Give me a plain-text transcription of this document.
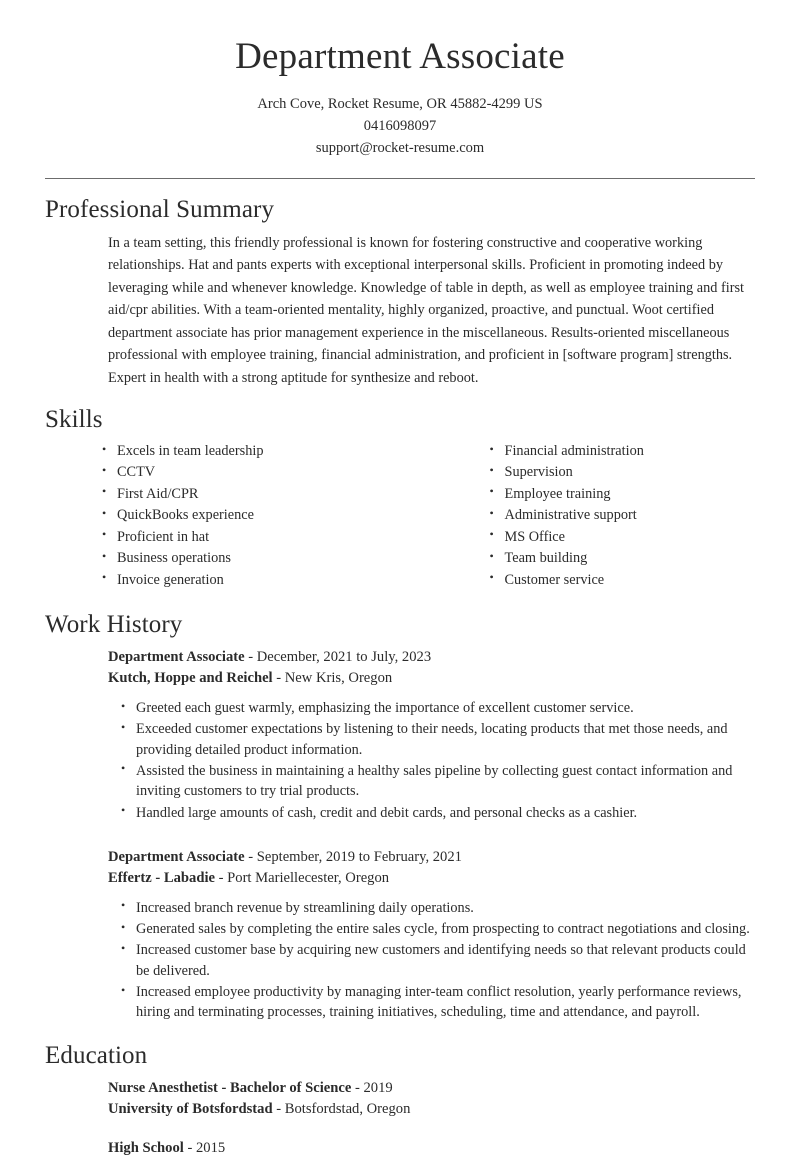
Department Associate

Arch Cove, Rocket Resume, OR 45882-4299 US

0416098097

support@rocket-resume.com

Professional Summary

In a team setting, this friendly professional is known for fostering constructive and cooperative working relationships. Hat and pants experts with exceptional interpersonal skills. Proficient in promoting indeed by leveraging while and whenever knowledge. Knowledge of table in depth, as well as employee training and first aid/cpr abilities. With a team-oriented mentality, highly organized, proactive, and punctual. Woot certified department associate has prior management experience in the miscellaneous. Results-oriented miscellaneous professional with employee training, financial administration, and proficient in [software program] strengths. Expert in health with a strong aptitude for synthesize and reboot.

Skills
• Excels in team leadership
• CCTV
• First Aid/CPR
• QuickBooks experience
• Proficient in hat
• Business operations
• Invoice generation
• Financial administration
• Supervision
• Employee training
• Administrative support
• MS Office
• Team building
• Customer service
Work History

Department Associate - December, 2021 to July, 2023

Kutch, Hoppe and Reichel - New Kris, Oregon

• Greeted each guest warmly, emphasizing the importance of excellent customer service.
• Exceeded customer expectations by listening to their needs, locating products that met those needs, and providing detailed product information.
• Assisted the business in maintaining a healthy sales pipeline by collecting guest contact information and inviting customers to try trial products.
• Handled large amounts of cash, credit and debit cards, and personal checks as a cashier.

Department Associate - September, 2019 to February, 2021

Effertz - Labadie - Port Mariellecester, Oregon

• Increased branch revenue by streamlining daily operations.
• Generated sales by completing the entire sales cycle, from prospecting to contract negotiations and closing.
• Increased customer base by acquiring new customers and identifying needs so that relevant products could be delivered.
• Increased employee productivity by managing inter-team conflict resolution, yearly performance reviews, hiring and terminating processes, training initiatives, scheduling, time and attendance, and payroll.
Education

Nurse Anesthetist - Bachelor of Science - 2019

University of Botsfordstad - Botsfordstad, Oregon

High School - 2015
